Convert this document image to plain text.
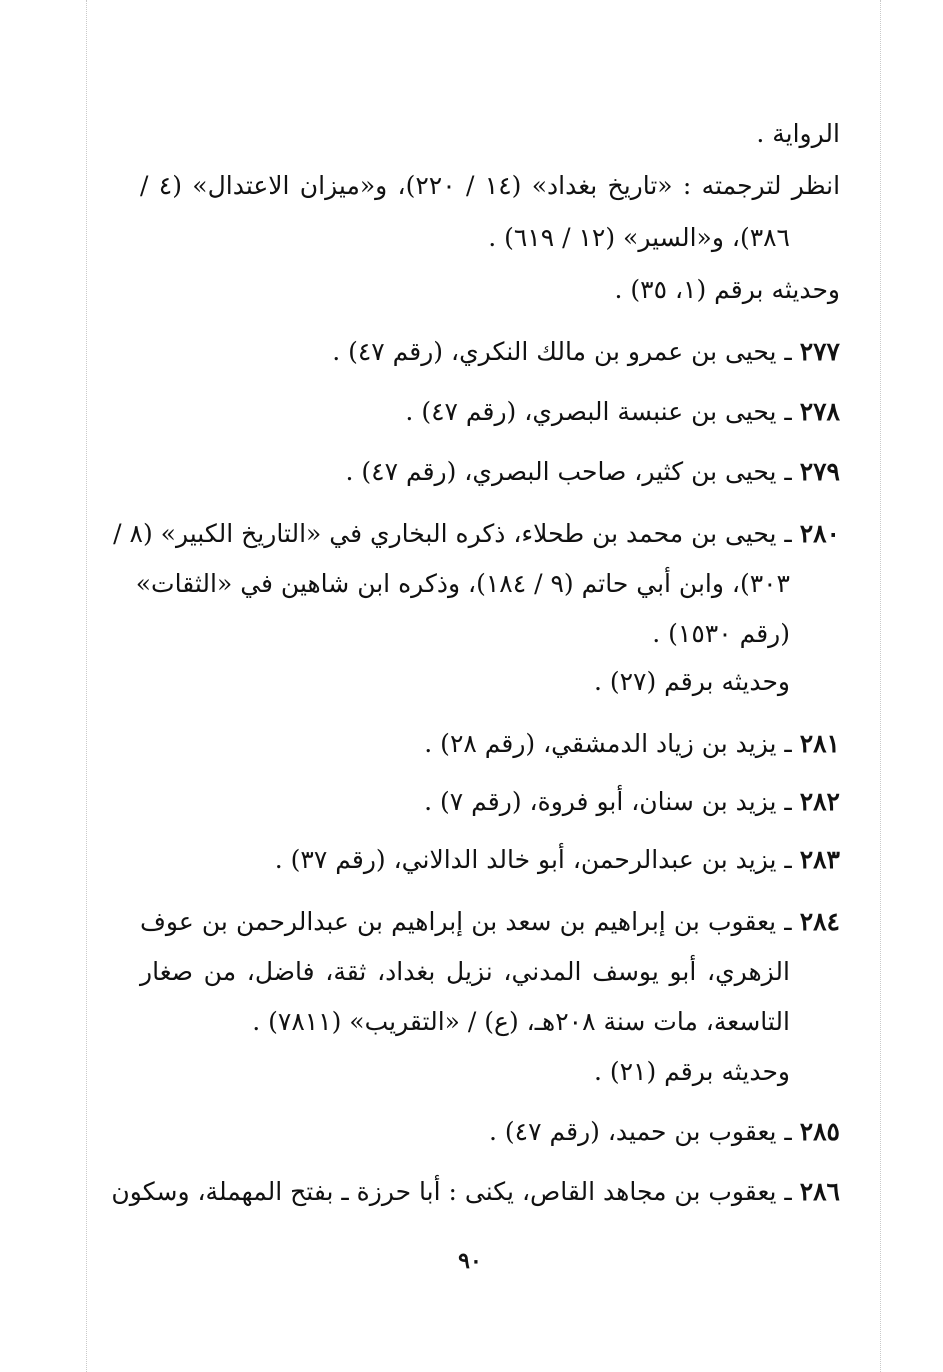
الرواية .
انظر لترجمته : «تاريخ بغداد» (١٤ / ٢٢٠)، و«ميزان الاعتدال» (٤ /
٣٨٦)، و«السير» (١٢ / ٦١٩) .
وحديثه برقم (١، ٣٥) .
٢٧٧ ـ يحيى بن عمرو بن مالك النكري، (رقم ٤٧) .
٢٧٨ ـ يحيى بن عنبسة البصري، (رقم ٤٧) .
٢٧٩ ـ يحيى بن كثير، صاحب البصري، (رقم ٤٧) .
٢٨٠ ـ يحيى بن محمد بن طحلاء، ذكره البخاري في «التاريخ الكبير» (٨ /
٣٠٣)، وابن أبي حاتم (٩ / ١٨٤)، وذكره ابن شاهين في «الثقات»
(رقم ١٥٣٠) .
وحديثه برقم (٢٧) .
٢٨١ ـ يزيد بن زياد الدمشقي، (رقم ٢٨) .
٢٨٢ ـ يزيد بن سنان، أبو فروة، (رقم ٧) .
٢٨٣ ـ يزيد بن عبدالرحمن، أبو خالد الدالاني، (رقم ٣٧) .
٢٨٤ ـ يعقوب بن إبراهيم بن سعد بن إبراهيم بن عبدالرحمن بن عوف
الزهري، أبو يوسف المدني، نزيل بغداد، ثقة، فاضل، من صغار
التاسعة، مات سنة ٢٠٨هـ، (ع) / «التقريب» (٧٨١١) .
وحديثه برقم (٢١) .
٢٨٥ ـ يعقوب بن حميد، (رقم ٤٧) .
٢٨٦ ـ يعقوب بن مجاهد القاص، يكنى : أبا حرزة ـ بفتح المهملة، وسكون
٩٠
